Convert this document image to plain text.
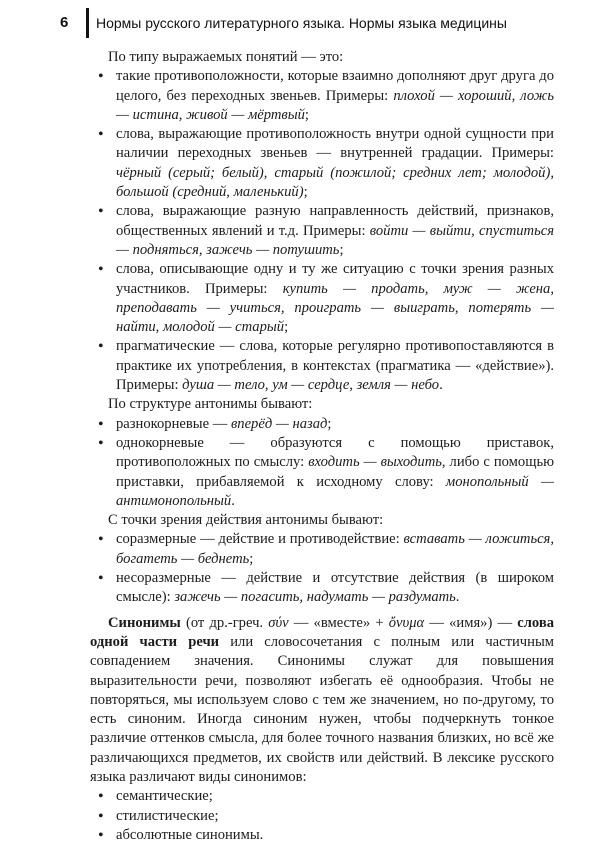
6 Нормы русского литературного языка. Нормы языка медицины

По типу выражаемых понятий — это:

• такие противоположности, которые взаимно дополняют друг друга до целого, без переходных звеньев. Примеры: плохой — хороший, ложь — истина, живой — мёртвый;
• слова, выражающие противоположность внутри одной сущности при наличии переходных звеньев — внутренней градации. Примеры: чёрный (серый; белый), старый (пожилой; средних лет; молодой), большой (средний, маленький);
• слова, выражающие разную направленность действий, признаков, общественных явлений и т.д. Примеры: войти — выйти, спуститься — подняться, зажечь — потушить;
• слова, описывающие одну и ту же ситуацию с точки зрения разных участников. Примеры: купить — продать, муж — жена, преподавать — учиться, проиграть — выиграть, потерять — найти, молодой — старый;
• прагматические — слова, которые регулярно противопоставляются в практике их употребления, в контекстах (прагматика — «действие»). Примеры: душа — тело, ум — сердце, земля — небо.

По структуре антонимы бывают:

• разнокорневые — вперёд — назад;
• однокорневые — образуются с помощью приставок, противоположных по смыслу: входить — выходить, либо с помощью приставки, прибавляемой к исходному слову: монопольный — антимонопольный.

С точки зрения действия антонимы бывают:

• соразмерные — действие и противодействие: вставать — ложиться, богатеть — беднеть;
• несоразмерные — действие и отсутствие действия (в широком смысле): зажечь — погасить, надумать — раздумать.

Синонимы (от др.-греч. σύν — «вместе» + ὄνυμα — «имя») — слова одной части речи или словосочетания с полным или частичным совпадением значения. Синонимы служат для повышения выразительности речи, позволяют избегать её однообразия. Чтобы не повторяться, мы используем слово с тем же значением, но по-другому, то есть синоним. Иногда синоним нужен, чтобы подчеркнуть тонкое различие оттенков смысла, для более точного названия близких, но всё же различающихся предметов, их свойств или действий. В лексике русского языка различают виды синонимов:

• семантические;
• стилистические;
• абсолютные синонимы.
